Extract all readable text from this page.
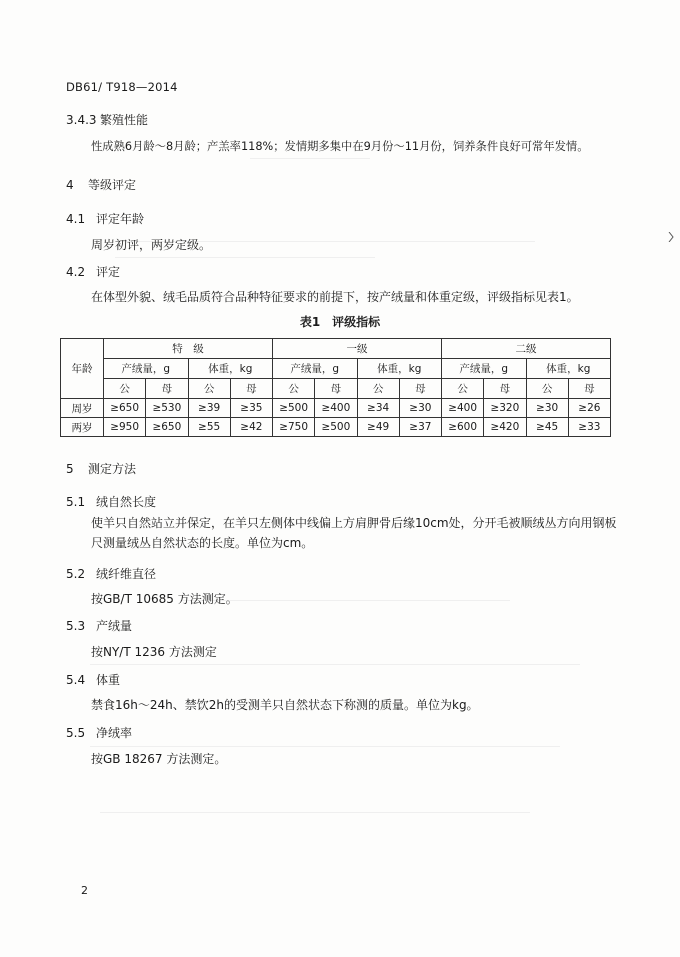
DB61/ T918—2014
3.4.3 繁殖性能
性成熟6月龄～8月龄；产羔率118%；发情期多集中在9月份～11月份，饲养条件良好可常年发情。
4 等级评定
4.1 评定年龄
周岁初评，两岁定级。
4.2 评定
在体型外貌、绒毛品质符合品种特征要求的前提下，按产绒量和体重定级，评级指标见表1。
表1　评级指标
年龄	特　级				一级				二级			
	产绒量，g		体重，kg		产绒量，g		体重，kg		产绒量，g		体重，kg	
	公	母	公	母	公	母	公	母	公	母	公	母
周岁	≥650	≥530	≥39	≥35	≥500	≥400	≥34	≥30	≥400	≥320	≥30	≥26
两岁	≥950	≥650	≥55	≥42	≥750	≥500	≥49	≥37	≥600	≥420	≥45	≥33
5 测定方法
5.1 绒自然长度
使羊只自然站立并保定，在羊只左侧体中线偏上方肩胛骨后缘10cm处，分开毛被顺绒丛方向用钢板尺测量绒丛自然状态的长度。单位为cm。
5.2 绒纤维直径
按GB/T 10685 方法测定。
5.3 产绒量
按NY/T 1236 方法测定
5.4 体重
禁食16h～24h、禁饮2h的受测羊只自然状态下称测的质量。单位为kg。
5.5 净绒率
按GB 18267 方法测定。
2
